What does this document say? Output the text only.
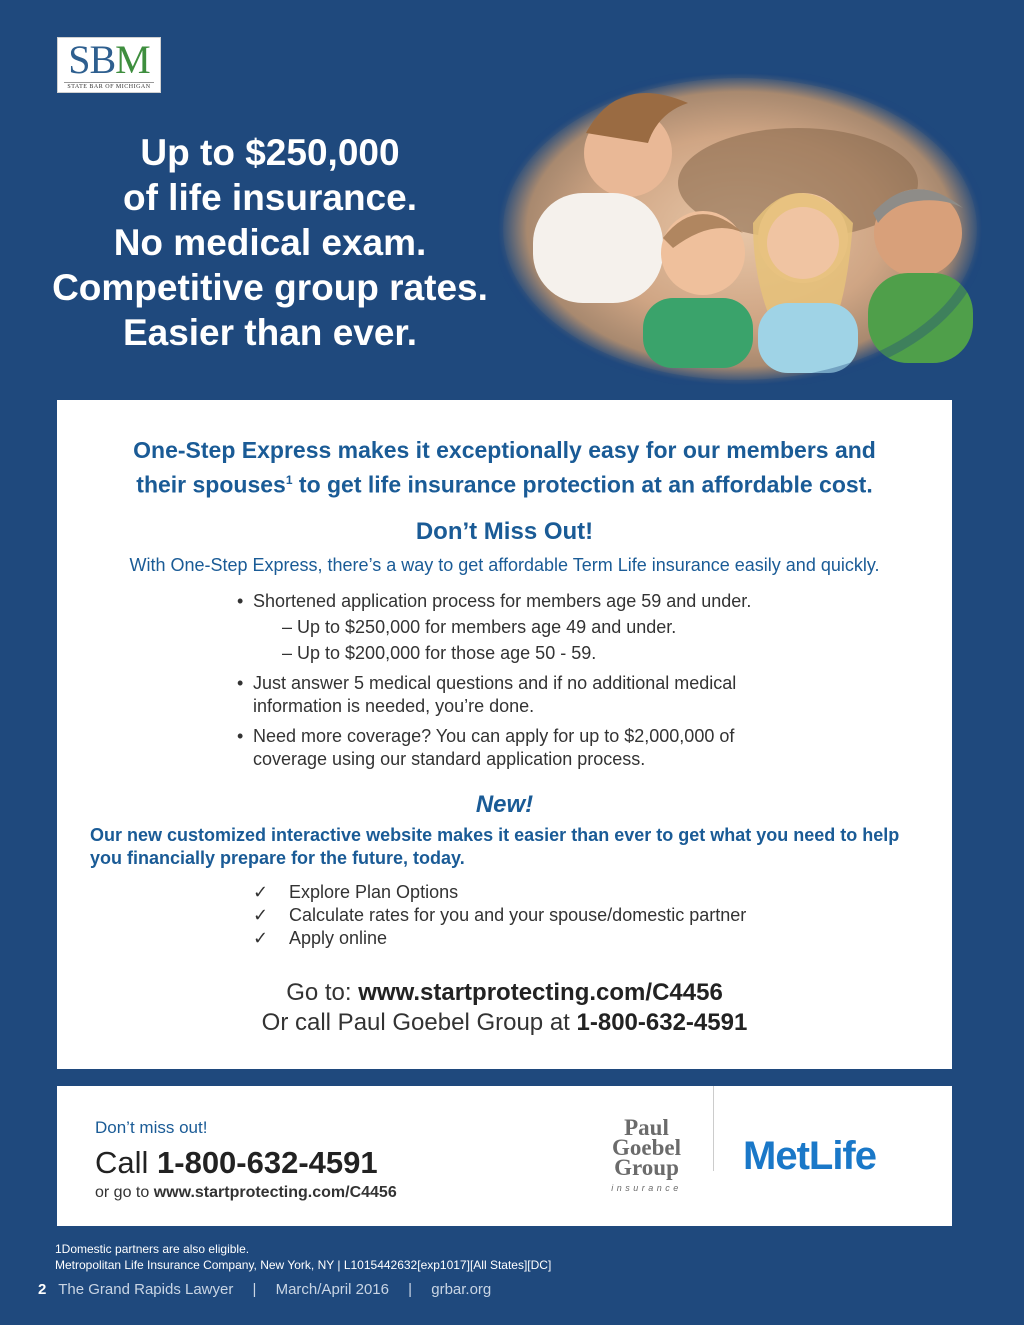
SBM
STATE BAR OF MICHIGAN
Up to $250,000
of life insurance.
No medical exam.
Competitive group rates.
Easier than ever.
One-Step Express makes it exceptionally easy for our members and
their spouses$^1$ to get life insurance protection at an affordable cost.
Don’t Miss Out!
With One-Step Express, there’s a way to get affordable Term Life insurance easily and quickly.
• Shortened application process for members age 59 and under.
– Up to $250,000 for members age 49 and under.
– Up to $200,000 for those age 50 - 59.
• Just answer 5 medical questions and if no additional medical information is needed, you’re done.
• Need more coverage? You can apply for up to $2,000,000 of coverage using our standard application process.
New!
Our new customized interactive website makes it easier than ever to get what you need to help you financially prepare for the future, today.
✓ Explore Plan Options
✓ Calculate rates for you and your spouse/domestic partner
✓ Apply online
Go to: www.startprotecting.com/C4456
Or call Paul Goebel Group at 1-800-632-4591
Don’t miss out!
Call 1-800-632-4591
or go to www.startprotecting.com/C4456
Paul
Goebel
Group
insurance
MetLife
1Domestic partners are also eligible.
Metropolitan Life Insurance Company, New York, NY | L1015442632[exp1017][All States][DC]
2 The Grand Rapids Lawyer | March/April 2016 | grbar.org
